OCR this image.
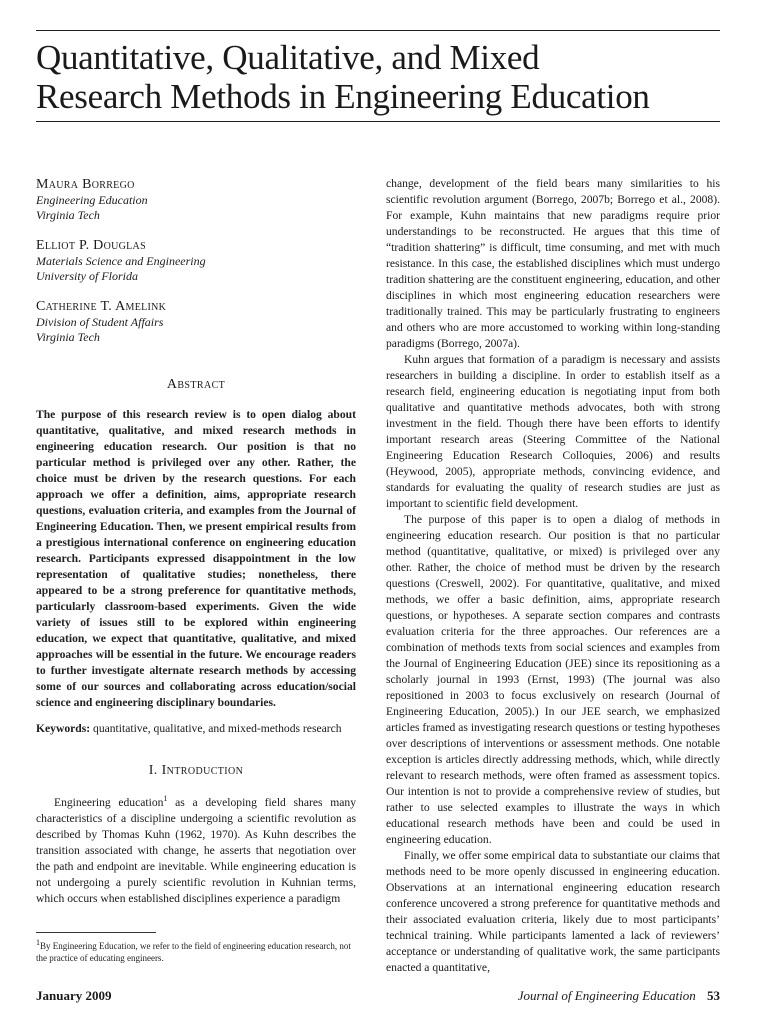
Quantitative, Qualitative, and Mixed
Research Methods in Engineering Education
Maura Borrego
Engineering Education
Virginia Tech
Elliot P. Douglas
Materials Science and Engineering
University of Florida
Catherine T. Amelink
Division of Student Affairs
Virginia Tech
Abstract

The purpose of this research review is to open dialog about quantitative, qualitative, and mixed research methods in engineering education research. Our position is that no particular method is privileged over any other. Rather, the choice must be driven by the research questions. For each approach we offer a definition, aims, appropriate research questions, evaluation criteria, and examples from the Journal of Engineering Education. Then, we present empirical results from a prestigious international conference on engineering education research. Participants expressed disappointment in the low representation of qualitative studies; nonetheless, there appeared to be a strong preference for quantitative methods, particularly classroom-based experiments. Given the wide variety of issues still to be explored within engineering education, we expect that quantitative, qualitative, and mixed approaches will be essential in the future. We encourage readers to further investigate alternate research methods by accessing some of our sources and collaborating across education/social science and engineering disciplinary boundaries.

Keywords: quantitative, qualitative, and mixed-methods research

I. Introduction

Engineering education$^1$ as a developing field shares many characteristics of a discipline undergoing a scientific revolution as described by Thomas Kuhn (1962, 1970). As Kuhn describes the transition associated with change, he asserts that negotiation over the path and endpoint are inevitable. While engineering education is not undergoing a purely scientific revolution in Kuhnian terms, which occurs when established disciplines experience a paradigm

change, development of the field bears many similarities to his scientific revolution argument (Borrego, 2007b; Borrego et al., 2008). For example, Kuhn maintains that new paradigms require prior understandings to be reconstructed. He argues that this time of “tradition shattering” is difficult, time consuming, and met with much resistance. In this case, the established disciplines which must undergo tradition shattering are the constituent engineering, education, and other disciplines in which most engineering education researchers were traditionally trained. This may be particularly frustrating to engineers and others who are more accustomed to working within long-standing paradigms (Borrego, 2007a).

Kuhn argues that formation of a paradigm is necessary and assists researchers in building a discipline. In order to establish itself as a research field, engineering education is negotiating input from both qualitative and quantitative methods advocates, both with strong investment in the field. Though there have been efforts to identify important research areas (Steering Committee of the National Engineering Education Research Colloquies, 2006) and results (Heywood, 2005), appropriate methods, convincing evidence, and standards for evaluating the quality of research studies are just as important to scientific field development.

The purpose of this paper is to open a dialog of methods in engineering education research. Our position is that no particular method (quantitative, qualitative, or mixed) is privileged over any other. Rather, the choice of method must be driven by the research questions (Creswell, 2002). For quantitative, qualitative, and mixed methods, we offer a basic definition, aims, appropriate research questions, or hypotheses. A separate section compares and contrasts evaluation criteria for the three approaches. Our references are a combination of methods texts from social sciences and examples from the Journal of Engineering Education (JEE) since its repositioning as a scholarly journal in 1993 (Ernst, 1993) (The journal was also repositioned in 2003 to focus exclusively on research (Journal of Engineering Education, 2005).) In our JEE search, we emphasized articles framed as investigating research questions or testing hypotheses over descriptions of interventions or assessment methods. One notable exception is articles directly addressing methods, which, while directly relevant to research methods, were often framed as assessment topics. Our intention is not to provide a comprehensive review of studies, but rather to use selected examples to illustrate the ways in which educational research methods have been and could be used in engineering education.

Finally, we offer some empirical data to substantiate our claims that methods need to be more openly discussed in engineering education. Observations at an international engineering education research conference uncovered a strong preference for quantitative methods and their associated evaluation criteria, likely due to most participants’ technical training. While participants lamented a lack of reviewers’ acceptance or understanding of qualitative work, the same participants enacted a quantitative,

$^1$By Engineering Education, we refer to the field of engineering education research, not the practice of educating engineers.
January 2009	Journal of Engineering Education 53
